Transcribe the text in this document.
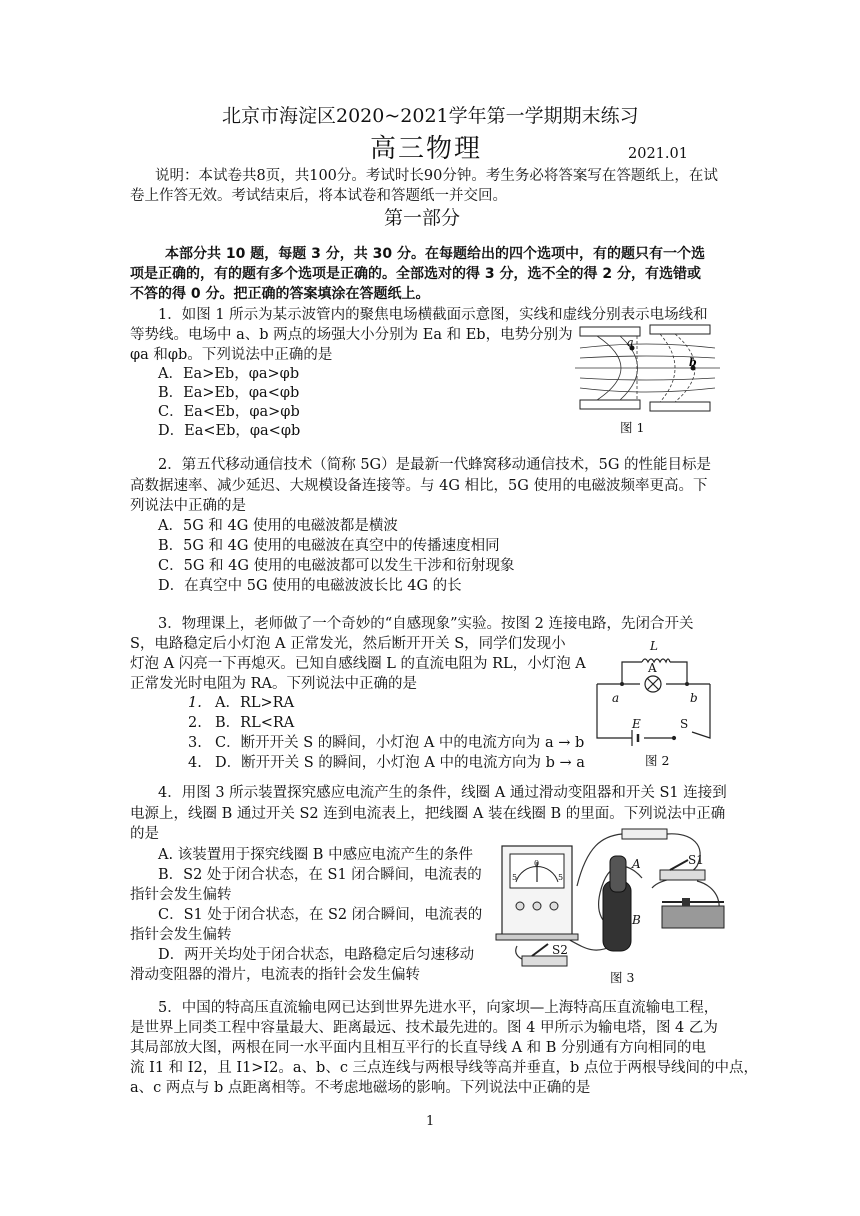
北京市海淀区2020~2021学年第一学期期末练习
高三物理	2021.01
说明：本试卷共8页，共100分。考试时长90分钟。考生务必将答案写在答题纸上，在试
卷上作答无效。考试结束后，将本试卷和答题纸一并交回。
第一部分
本部分共 10 题，每题 3 分，共 30 分。在每题给出的四个选项中，有的题只有一个选
项是正确的，有的题有多个选项是正确的。全部选对的得 3 分，选不全的得 2 分，有选错或
不答的得 0 分。把正确的答案填涂在答题纸上。
1．如图 1 所示为某示波管内的聚焦电场横截面示意图，实线和虚线分别表示电场线和
等势线。电场中 a、b 两点的场强大小分别为 Ea 和 Eb，电势分别为
φa 和φb。下列说法中正确的是
A．Ea>Eb，φa>φb
B．Ea>Eb，φa<φb
C．Ea<Eb，φa>φb
D．Ea<Eb，φa<φb
a
b
图 1
2．第五代移动通信技术（简称 5G）是最新一代蜂窝移动通信技术，5G 的性能目标是
高数据速率、减少延迟、大规模设备连接等。与 4G 相比，5G 使用的电磁波频率更高。下
列说法中正确的是
A．5G 和 4G 使用的电磁波都是横波
B．5G 和 4G 使用的电磁波在真空中的传播速度相同
C．5G 和 4G 使用的电磁波都可以发生干涉和衍射现象
D．在真空中 5G 使用的电磁波波长比 4G 的长
3．物理课上，老师做了一个奇妙的“自感现象”实验。按图 2 连接电路，先闭合开关
S，电路稳定后小灯泡 A 正常发光，然后断开开关 S，同学们发现小
灯泡 A 闪亮一下再熄灭。已知自感线圈 L 的直流电阻为 RL，小灯泡 A
正常发光时电阻为 RA。下列说法中正确的是
1. A．RL>RA
2. B．RL<RA
3. C．断开开关 S 的瞬间，小灯泡 A 中的电流方向为 a → b
4. D．断开开关 S 的瞬间，小灯泡 A 中的电流方向为 b → a
L
A
a	b
E	S
图 2
4．用图 3 所示装置探究感应电流产生的条件，线圈 A 通过滑动变阻器和开关 S1 连接到
电源上，线圈 B 通过开关 S2 连到电流表上，把线圈 A 装在线圈 B 的里面。下列说法中正确
的是
A. 该装置用于探究线圈 B 中感应电流产生的条件
B．S2 处于闭合状态，在 S1 闭合瞬间，电流表的
指针会发生偏转
C．S1 处于闭合状态，在 S2 闭合瞬间，电流表的
指针会发生偏转
D．两开关均处于闭合状态，电路稳定后匀速移动
滑动变阻器的滑片，电流表的指针会发生偏转
A
B
S1
S2
5
0
5
图 3
5．中国的特高压直流输电网已达到世界先进水平，向家坝—上海特高压直流输电工程，
是世界上同类工程中容量最大、距离最远、技术最先进的。图 4 甲所示为输电塔，图 4 乙为
其局部放大图，两根在同一水平面内且相互平行的长直导线 A 和 B 分别通有方向相同的电
流 I1 和 I2，且 I1>I2。a、b、c 三点连线与两根导线等高并垂直，b 点位于两根导线间的中点，
a、c 两点与 b 点距离相等。不考虑地磁场的影响。下列说法中正确的是
1
